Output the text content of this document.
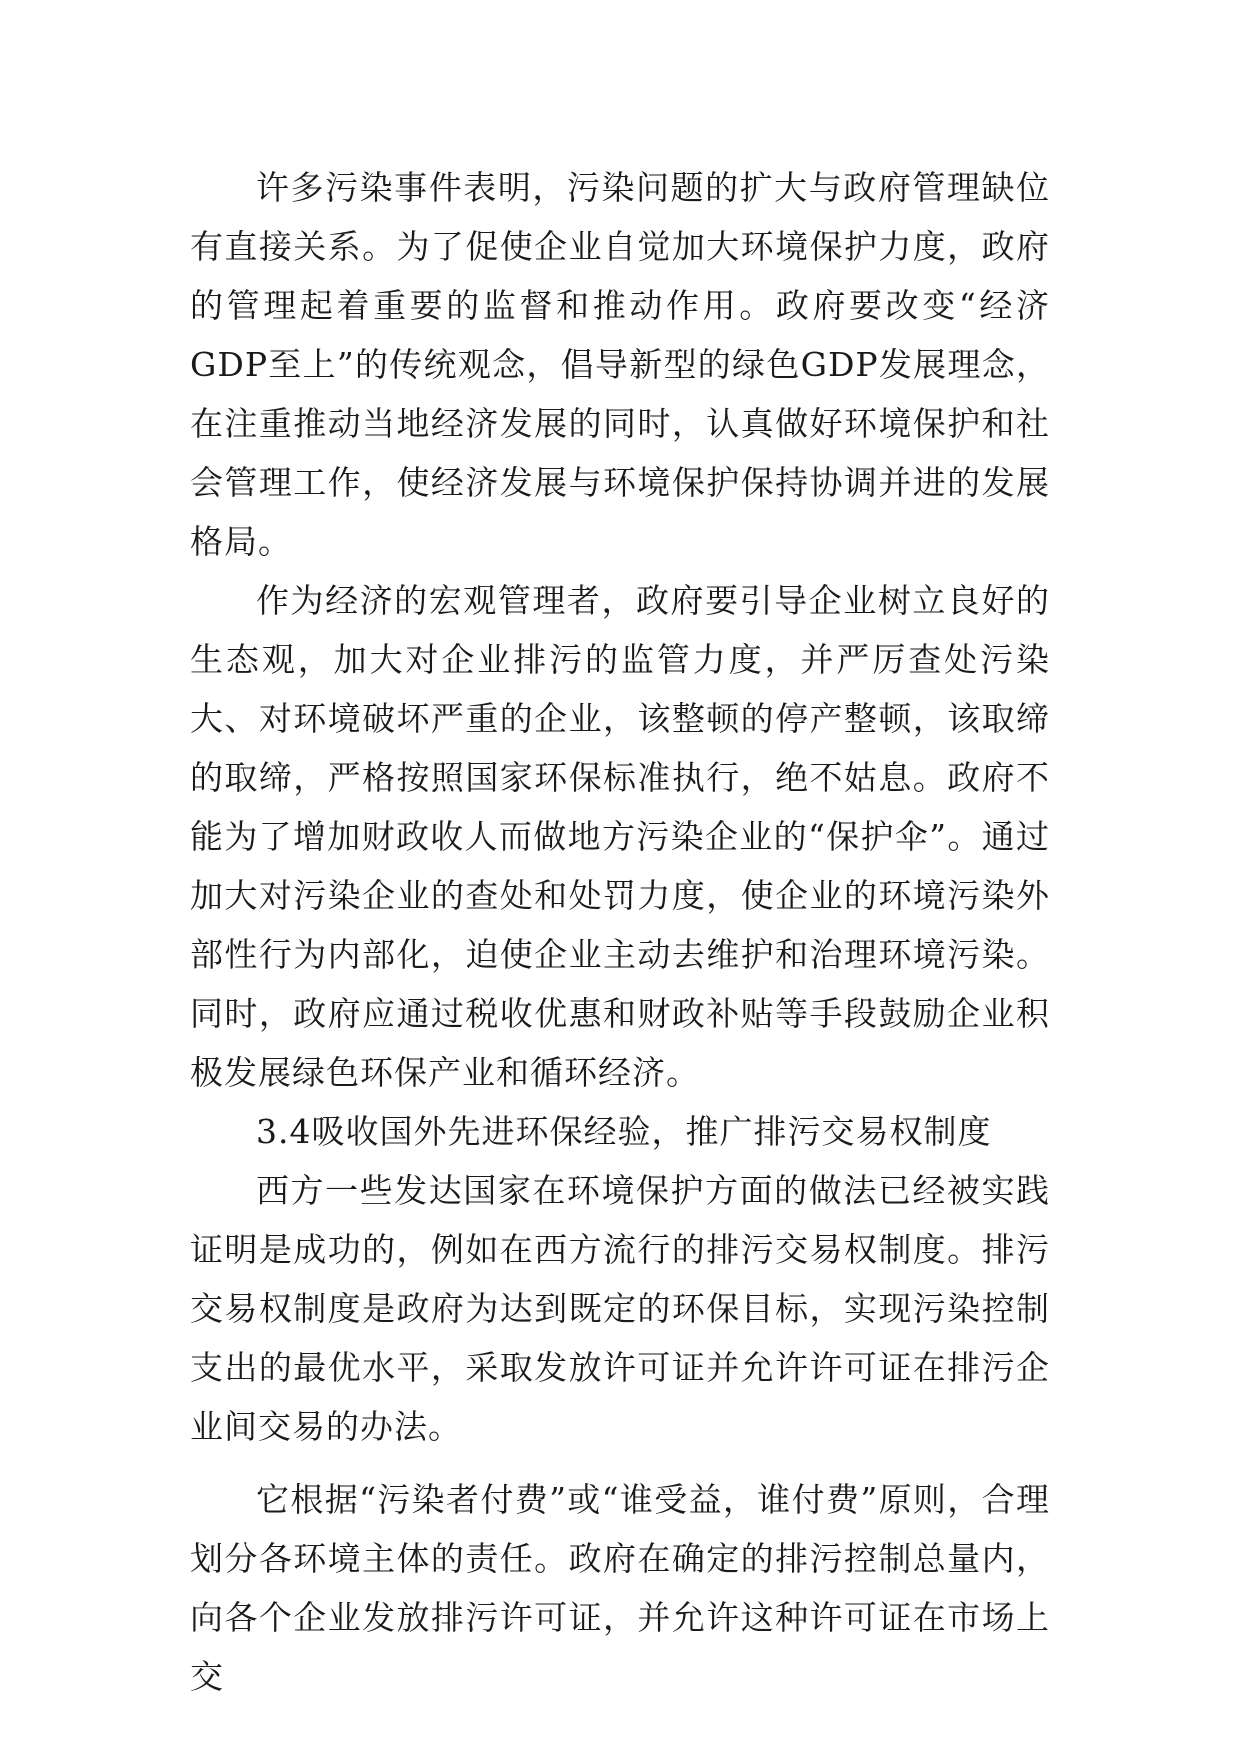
许多污染事件表明，污染问题的扩大与政府管理缺位有直接关系。为了促使企业自觉加大环境保护力度，政府的管理起着重要的监督和推动作用。政府要改变“经济GDP至上”的传统观念，倡导新型的绿色GDP发展理念，在注重推动当地经济发展的同时，认真做好环境保护和社会管理工作，使经济发展与环境保护保持协调并进的发展格局。

作为经济的宏观管理者，政府要引导企业树立良好的生态观，加大对企业排污的监管力度，并严厉查处污染大、对环境破坏严重的企业，该整顿的停产整顿，该取缔的取缔，严格按照国家环保标准执行，绝不姑息。政府不能为了增加财政收人而做地方污染企业的“保护伞”。通过加大对污染企业的查处和处罚力度，使企业的环境污染外部性行为内部化，迫使企业主动去维护和治理环境污染。同时，政府应通过税收优惠和财政补贴等手段鼓励企业积极发展绿色环保产业和循环经济。

3.4吸收国外先进环保经验，推广排污交易权制度

西方一些发达国家在环境保护方面的做法已经被实践证明是成功的，例如在西方流行的排污交易权制度。排污交易权制度是政府为达到既定的环保目标，实现污染控制支出的最优水平，采取发放许可证并允许许可证在排污企业间交易的办法。

它根据“污染者付费”或“谁受益，谁付费”原则，合理划分各环境主体的责任。政府在确定的排污控制总量内，向各个企业发放排污许可证，并允许这种许可证在市场上交
